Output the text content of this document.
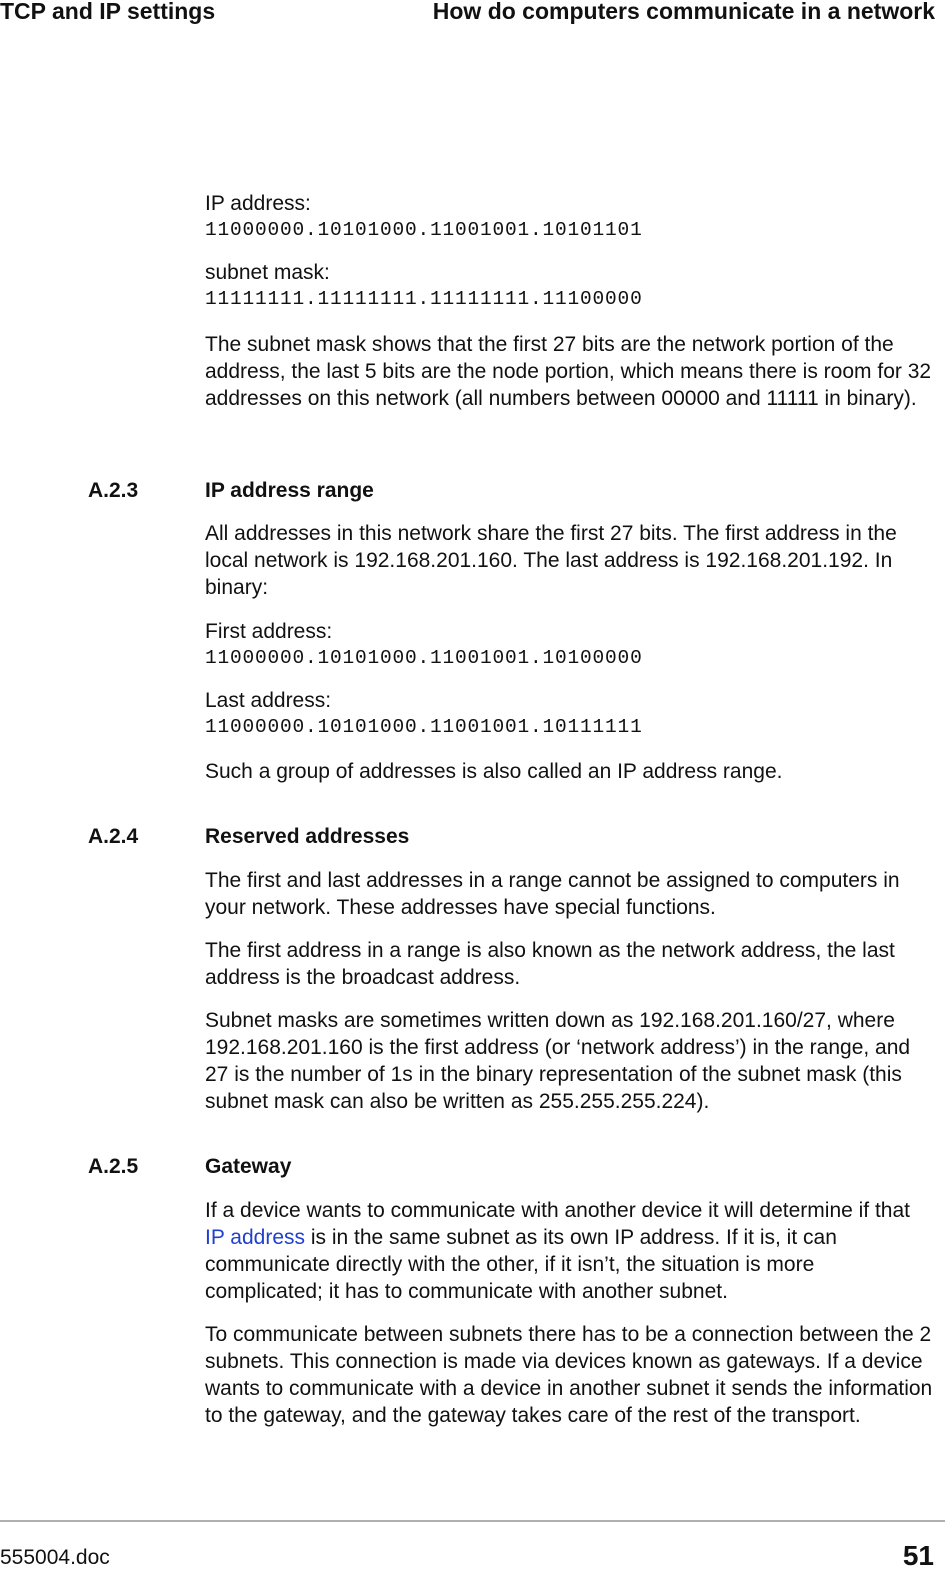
TCP and IP settings	How do computers communicate in a network

IP address:

11000000.10101000.11001001.10101101

subnet mask:

11111111.11111111.11111111.11100000

The subnet mask shows that the first 27 bits are the network portion of the address, the last 5 bits are the node portion, which means there is room for 32 addresses on this network (all numbers between 00000 and 11111 in binary).

A.2.3	IP address range

All addresses in this network share the first 27 bits. The first address in the local network is 192.168.201.160. The last address is 192.168.201.192. In binary:

First address:

11000000.10101000.11001001.10100000

Last address:

11000000.10101000.11001001.10111111

Such a group of addresses is also called an IP address range.

A.2.4	Reserved addresses

The first and last addresses in a range cannot be assigned to computers in your network. These addresses have special functions.

The first address in a range is also known as the network address, the last address is the broadcast address.

Subnet masks are sometimes written down as 192.168.201.160/27, where 192.168.201.160 is the first address (or ‘network address’) in the range, and 27 is the number of 1s in the binary representation of the subnet mask (this subnet mask can also be written as 255.255.255.224).

A.2.5	Gateway

If a device wants to communicate with another device it will determine if that IP address is in the same subnet as its own IP address. If it is, it can communicate directly with the other, if it isn’t, the situation is more complicated; it has to communicate with another subnet.

To communicate between subnets there has to be a connection between the 2 subnets. This connection is made via devices known as gateways. If a device wants to communicate with a device in another subnet it sends the information to the gateway, and the gateway takes care of the rest of the transport.

555004.doc	51
